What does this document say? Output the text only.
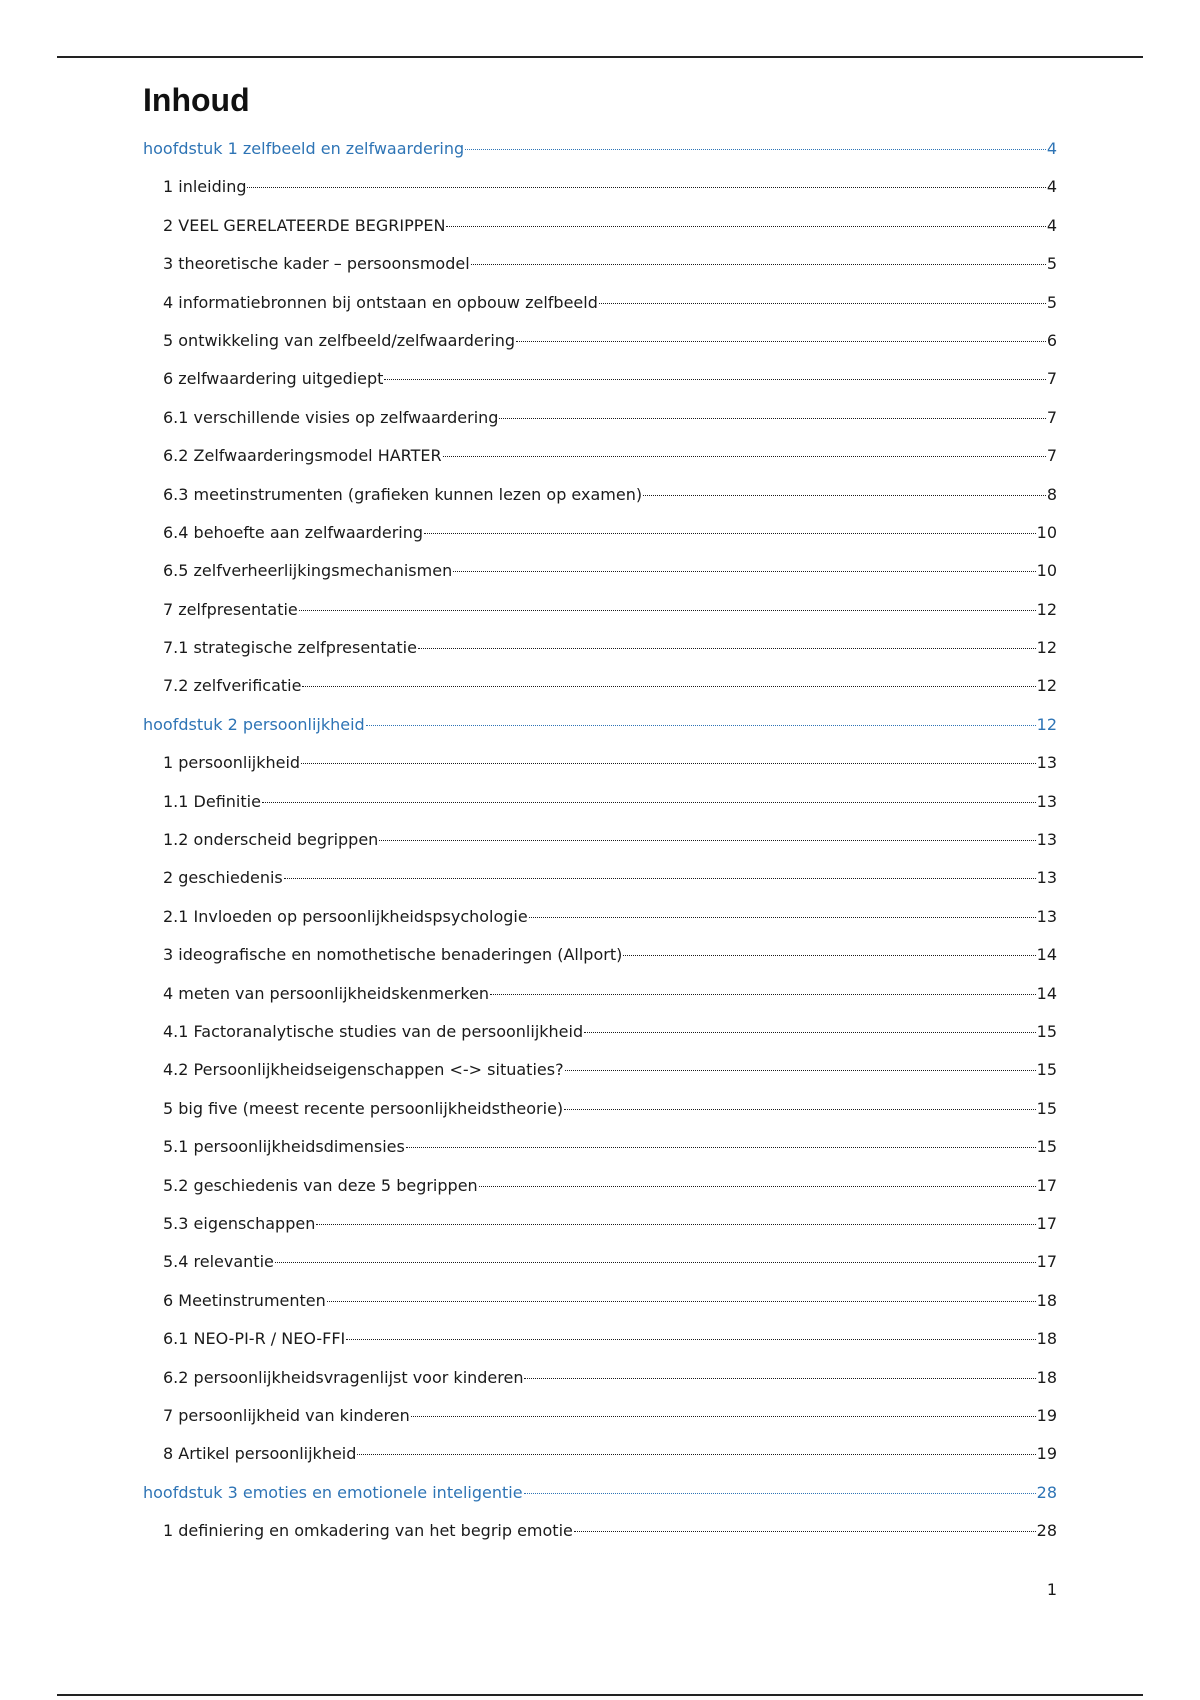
Inhoud
hoofdstuk 1 zelfbeeld en zelfwaardering	4
1 inleiding	4
2 VEEL GERELATEERDE BEGRIPPEN	4
3 theoretische kader – persoonsmodel	5
4 informatiebronnen bij ontstaan en opbouw zelfbeeld	5
5 ontwikkeling van zelfbeeld/zelfwaardering	6
6 zelfwaardering uitgediept	7
6.1 verschillende visies op zelfwaardering	7
6.2 Zelfwaarderingsmodel HARTER	7
6.3 meetinstrumenten (grafieken kunnen lezen op examen)	8
6.4 behoefte aan zelfwaardering	10
6.5 zelfverheerlijkingsmechanismen	10
7 zelfpresentatie	12
7.1 strategische zelfpresentatie	12
7.2 zelfverificatie	12
hoofdstuk 2 persoonlijkheid	12
1 persoonlijkheid	13
1.1 Definitie	13
1.2 onderscheid begrippen	13
2 geschiedenis	13
2.1 Invloeden op persoonlijkheidspsychologie	13
3 ideografische en nomothetische benaderingen (Allport)	14
4 meten van persoonlijkheidskenmerken	14
4.1 Factoranalytische studies van de persoonlijkheid	15
4.2 Persoonlijkheidseigenschappen <-> situaties?	15
5 big five (meest recente persoonlijkheidstheorie)	15
5.1 persoonlijkheidsdimensies	15
5.2 geschiedenis van deze 5 begrippen	17
5.3 eigenschappen	17
5.4 relevantie	17
6 Meetinstrumenten	18
6.1 NEO-PI-R / NEO-FFI	18
6.2 persoonlijkheidsvragenlijst voor kinderen	18
7 persoonlijkheid van kinderen	19
8 Artikel persoonlijkheid	19
hoofdstuk 3 emoties en emotionele inteligentie	28
1 definiering en omkadering van het begrip emotie	28
1
